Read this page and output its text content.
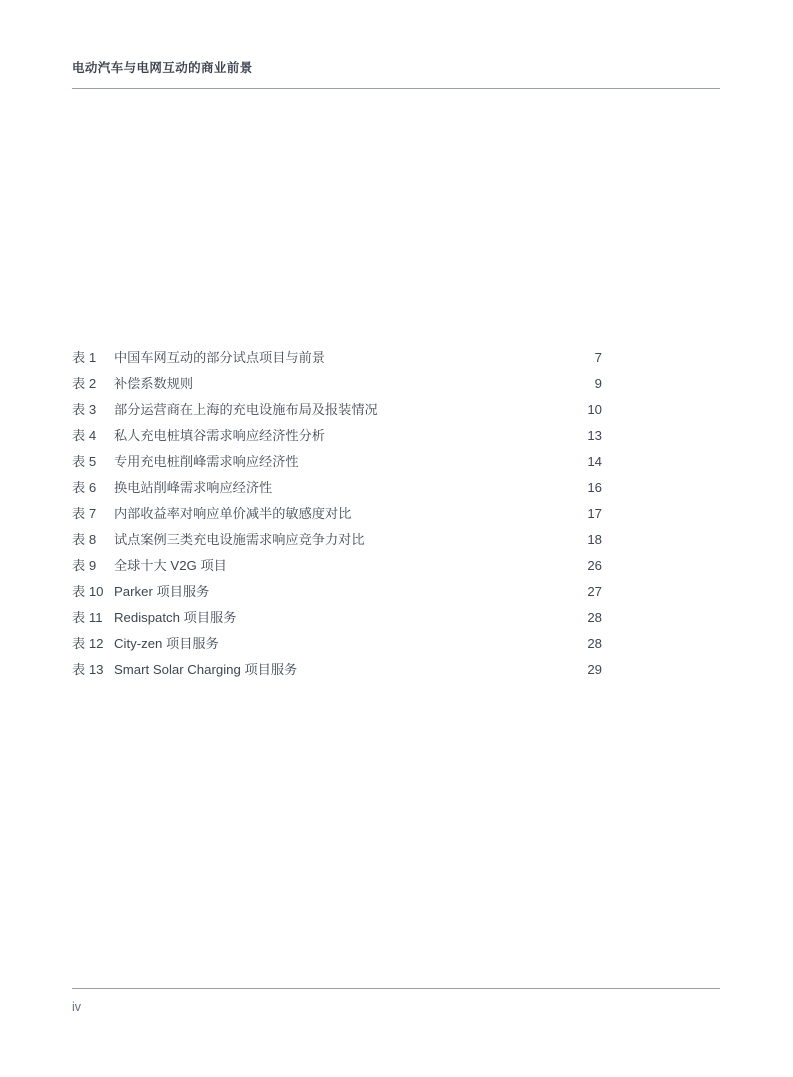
电动汽车与电网互动的商业前景
表 1	中国车网互动的部分试点项目与前景	7
表 2	补偿系数规则	9
表 3	部分运营商在上海的充电设施布局及报装情况	10
表 4	私人充电桩填谷需求响应经济性分析	13
表 5	专用充电桩削峰需求响应经济性	14
表 6	换电站削峰需求响应经济性	16
表 7	内部收益率对响应单价减半的敏感度对比	17
表 8	试点案例三类充电设施需求响应竞争力对比	18
表 9	全球十大 V2G 项目	26
表 10 Parker 项目服务	27
表 11 Redispatch 项目服务	28
表 12 City-zen 项目服务	28
表 13 Smart Solar Charging 项目服务	29
iv
